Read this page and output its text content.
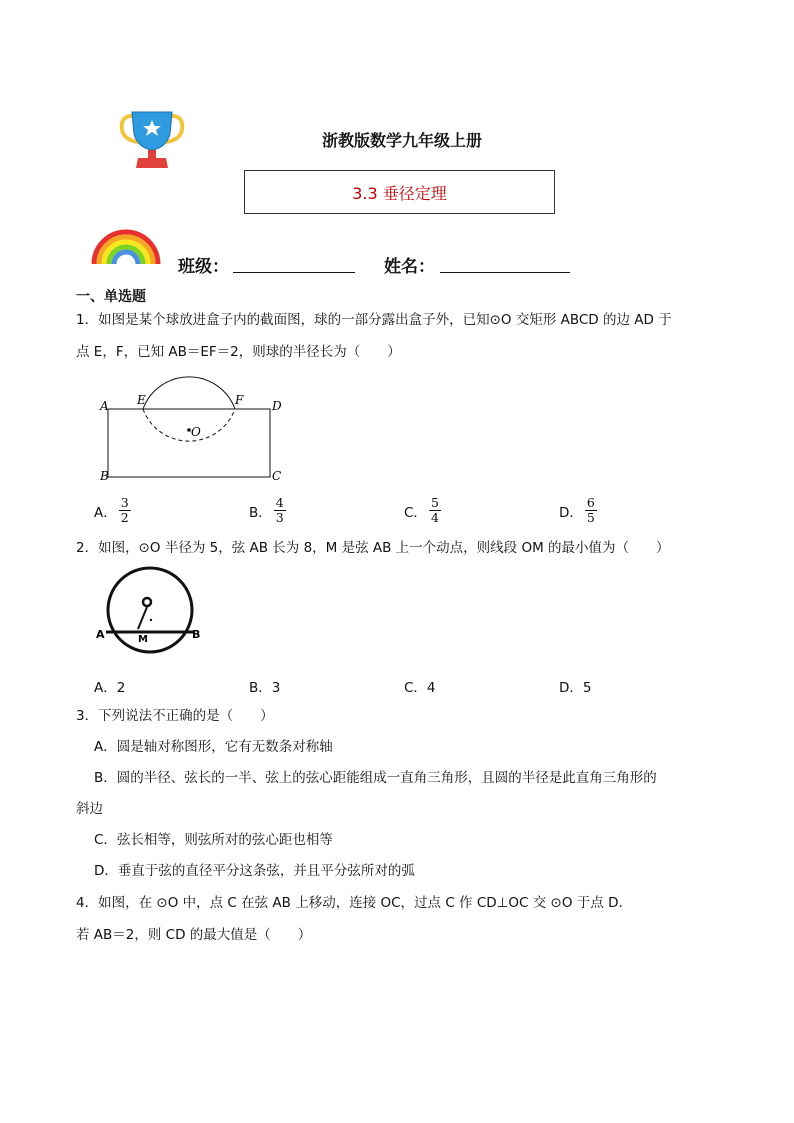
浙教版数学九年级上册
3.3 垂径定理
班级：	姓名：
一、单选题
1．如图是某个球放进盒子内的截面图，球的一部分露出盒子外，已知⊙O 交矩形 ABCD 的边 AD 于
点 E，F，已知 AB＝EF＝2，则球的半径长为（　　）
A
B	C
D
E	F
O
A． $\frac{3}{2}$	B． $\frac{4}{3}$	C． $\frac{5}{4}$	D． $\frac{6}{5}$
2．如图，⊙O 半径为 5，弦 AB 长为 8，M 是弦 AB 上一个动点，则线段 OM 的最小值为（　　）
A	B
M
A．2	B．3	C．4	D．5
3．下列说法不正确的是（　　）
A．圆是轴对称图形，它有无数条对称轴
B．圆的半径、弦长的一半、弦上的弦心距能组成一直角三角形，且圆的半径是此直角三角形的
斜边
C．弦长相等，则弦所对的弦心距也相等
D．垂直于弦的直径平分这条弦，并且平分弦所对的弧
4．如图，在 ⊙O 中，点 C 在弦 AB 上移动，连接 OC，过点 C 作 CD⊥OC 交 ⊙O 于点 D．
若 AB＝2，则 CD 的最大值是（　　）
